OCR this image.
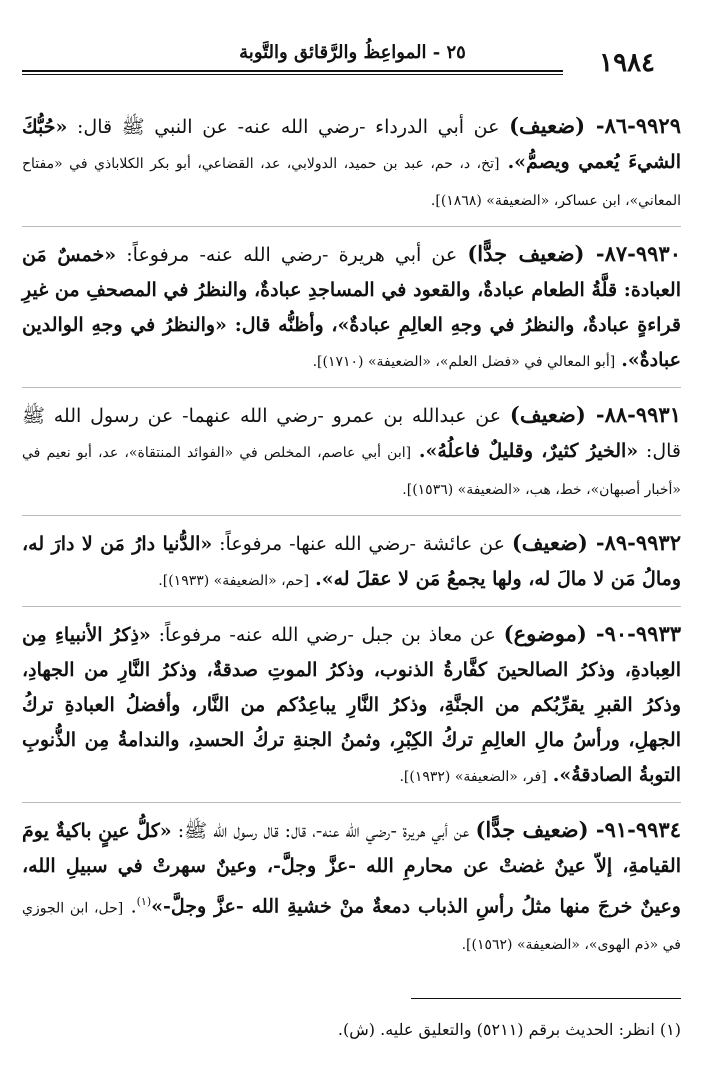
١٩٨٤
٢٥ - المواعِظُ والرَّقائق والتَّوبة
٩٩٢٩-٨٦- (ضعيف) عن أبي الدرداء -رضي الله عنه- عن النبي ﷺ قال: «حُبُّكَ الشيءَ يُعمي ويصمُّ». [تخ، د، حم، عبد بن حميد، الدولابي، عد، القضاعي، أبو بكر الكلاباذي في «مفتاح المعاني»، ابن عساكر، «الضعيفة» (١٨٦٨)].
٩٩٣٠-٨٧- (ضعيف جدًّا) عن أبي هريرة -رضي الله عنه- مرفوعاً: «خمسٌ مَن العبادة: قلَّةُ الطعام عبادةٌ، والقعود في المساجدِ عبادةٌ، والنظرُ في المصحفِ من غيرِ قراءةٍ عبادةٌ، والنظرُ في وجهِ العالِمِ عبادةٌ»، وأظنُّه قال: «والنظرُ في وجهِ الوالدين عبادةٌ». [أبو المعالي في «فضل العلم»، «الضعيفة» (١٧١٠)].
٩٩٣١-٨٨- (ضعيف) عن عبدالله بن عمرو -رضي الله عنهما- عن رسول الله ﷺ قال: «الخيرُ كثيرٌ، وقليلٌ فاعلُهُ». [ابن أبي عاصم، المخلص في «الفوائد المنتقاة»، عد، أبو نعيم في «أخبار أصبهان»، خط، هب، «الضعيفة» (١٥٣٦)].
٩٩٣٢-٨٩- (ضعيف) عن عائشة -رضي الله عنها- مرفوعاً: «الدُّنيا دارُ مَن لا دارَ له، ومالُ مَن لا مالَ له، ولها يجمعُ مَن لا عقلَ له». [حم، «الضعيفة» (١٩٣٣)].
٩٩٣٣-٩٠- (موضوع) عن معاذ بن جبل -رضي الله عنه- مرفوعاً: «ذِكرُ الأنبياءِ مِن العِبادةِ، وذكرُ الصالحينَ كفَّارةُ الذنوب، وذكرُ الموتِ صدقةٌ، وذكرُ النَّارِ من الجهادِ، وذكرُ القبرِ يقرِّبُكم من الجنَّةِ، وذكرُ النَّارِ يباعِدُكم من النَّار، وأفضلُ العبادةِ تركُ الجهلِ، ورأسُ مالِ العالِمِ تركُ الكِبْرِ، وثمنُ الجنةِ تركُ الحسدِ، والندامةُ مِن الذُّنوبِ التوبةُ الصادقةُ». [فر، «الضعيفة» (١٩٣٢)].
٩٩٣٤-٩١- (ضعيف جدًّا) عن أبي هريرة -رضي الله عنه-، قال: قال رسول الله ﷺ: «كلُّ عينٍ باكيةٌ يومَ القيامةِ، إلاّ عينٌ غضتْ عن محارمِ الله -عزَّ وجلَّ-، وعينٌ سهرتْ في سبيلِ الله، وعينٌ خرجَ منها مثلُ رأسِ الذباب دمعةٌ منْ خشيةِ الله -عزَّ وجلَّ-»$^{(١)}$. [حل، ابن الجوزي في «ذم الهوى»، «الضعيفة» (١٥٦٢)].
(١) انظر: الحديث برقم (٥٢١١) والتعليق عليه. (ش).
